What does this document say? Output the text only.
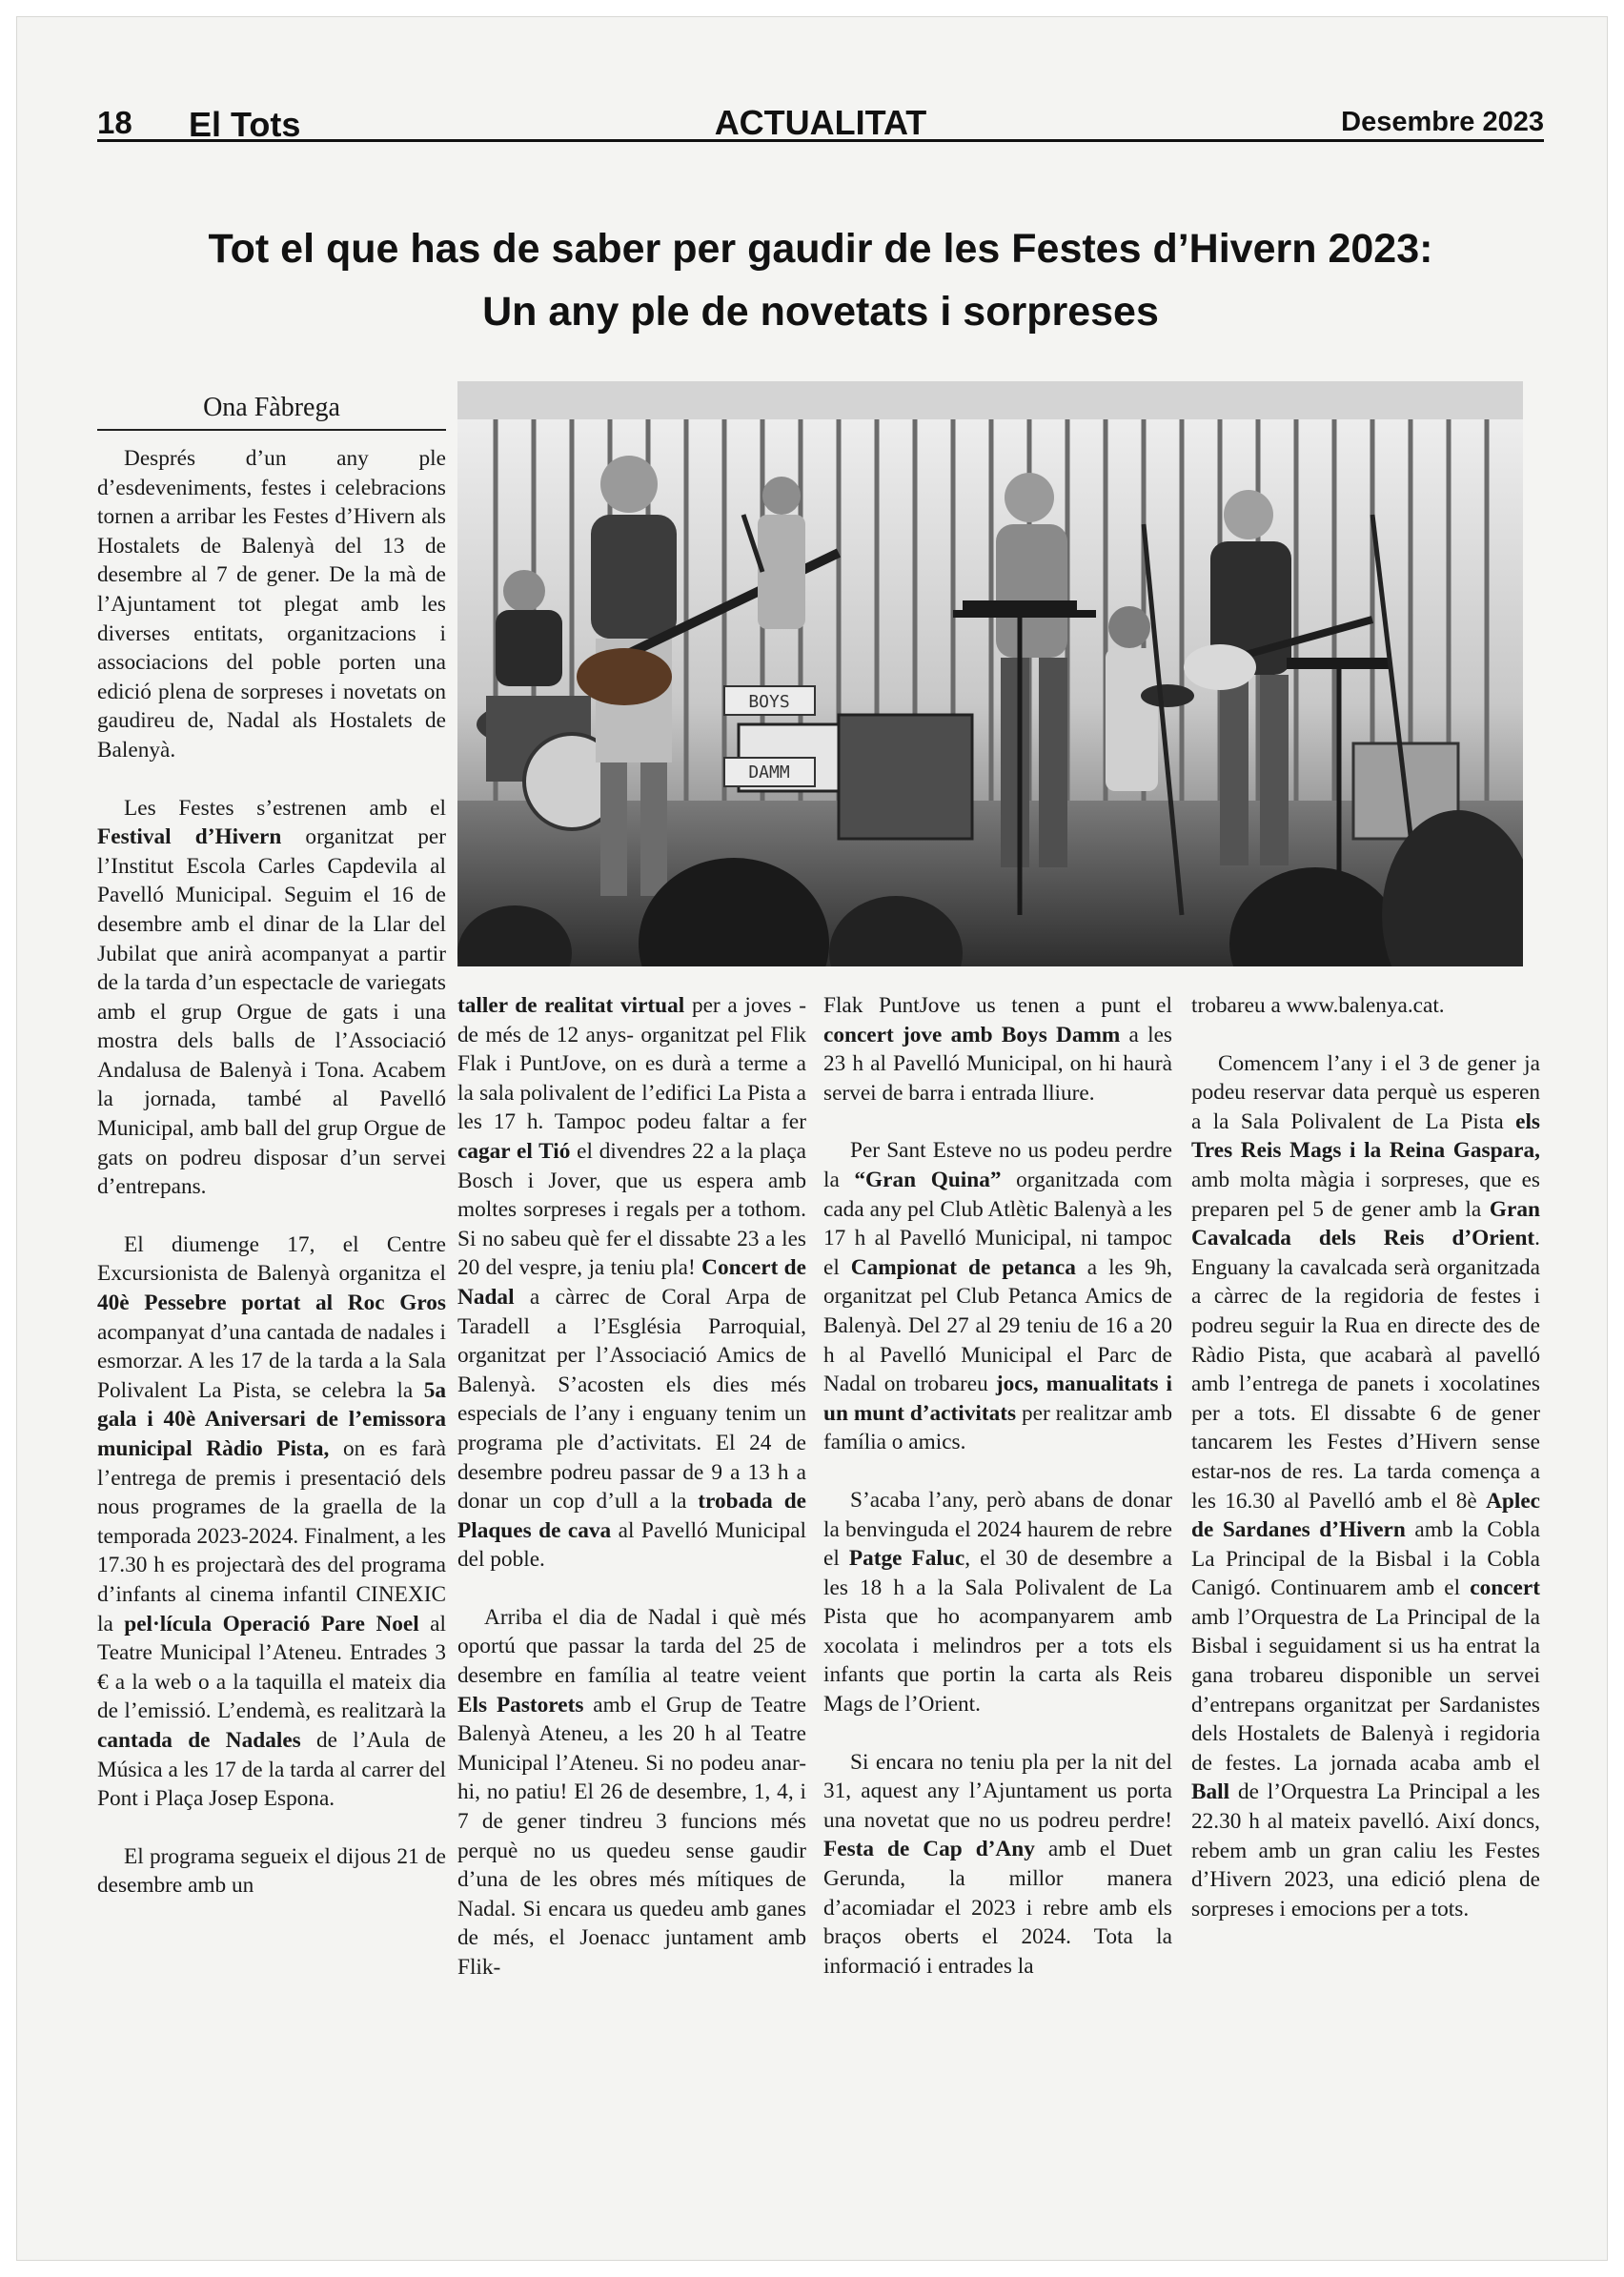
18 El Tots	ACTUALITAT	Desembre 2023
Tot el que has de saber per gaudir de les Festes d’Hivern 2023:
Un any ple de novetats i sorpreses
Ona Fàbrega
BOYS
DAMM

Després d’un any ple d’esdeveniments, festes i celebracions tornen a arribar les Festes d’Hivern als Hostalets de Balenyà del 13 de desembre al 7 de gener. De la mà de l’Ajuntament tot plegat amb les diverses entitats, organitzacions i associacions del poble porten una edició plena de sorpreses i novetats on gaudireu de, Nadal als Hostalets de Balenyà.

Les Festes s’estrenen amb el Festival d’Hivern organitzat per l’Institut Escola Carles Capdevila al Pavelló Municipal. Seguim el 16 de desembre amb el dinar de la Llar del Jubilat que anirà acompanyat a partir de la tarda d’un espectacle de variegats amb el grup Orgue de gats i una mostra dels balls de l’Associació Andalusa de Balenyà i Tona. Acabem la jornada, també al Pavelló Municipal, amb ball del grup Orgue de gats on podreu disposar d’un servei d’entrepans.

El diumenge 17, el Centre Excursionista de Balenyà organitza el 40è Pessebre portat al Roc Gros acompanyat d’una cantada de nadales i esmorzar. A les 17 de la tarda a la Sala Polivalent La Pista, se celebra la 5a gala i 40è Aniversari de l’emissora municipal Ràdio Pista, on es farà l’entrega de premis i presentació dels nous programes de la graella de la temporada 2023-2024. Finalment, a les 17.30 h es projectarà des del programa d’infants al cinema infantil CINEXIC la pel·lícula Operació Pare Noel al Teatre Municipal l’Ateneu. Entrades 3 € a la web o a la taquilla el mateix dia de l’emissió. L’endemà, es realitzarà la cantada de Nadales de l’Aula de Música a les 17 de la tarda al carrer del Pont i Plaça Josep Espona.

El programa segueix el dijous 21 de desembre amb un

taller de realitat virtual per a joves -de més de 12 anys- organitzat pel Flik Flak i PuntJove, on es durà a terme a la sala polivalent de l’edifici La Pista a les 17 h. Tampoc podeu faltar a fer cagar el Tió el divendres 22 a la plaça Bosch i Jover, que us espera amb moltes sorpreses i regals per a tothom. Si no sabeu què fer el dissabte 23 a les 20 del vespre, ja teniu pla! Concert de Nadal a càrrec de Coral Arpa de Taradell a l’Església Parroquial, organitzat per l’Associació Amics de Balenyà. S’acosten els dies més especials de l’any i enguany tenim un programa ple d’activitats. El 24 de desembre podreu passar de 9 a 13 h a donar un cop d’ull a la trobada de Plaques de cava al Pavelló Municipal del poble.

Arriba el dia de Nadal i què més oportú que passar la tarda del 25 de desembre en família al teatre veient Els Pastorets amb el Grup de Teatre Balenyà Ateneu, a les 20 h al Teatre Municipal l’Ateneu. Si no podeu anar-hi, no patiu! El 26 de desembre, 1, 4, i 7 de gener tindreu 3 funcions més perquè no us quedeu sense gaudir d’una de les obres més mítiques de Nadal. Si encara us quedeu amb ganes de més, el Joenacc juntament amb Flik-

Flak PuntJove us tenen a punt el concert jove amb Boys Damm a les 23 h al Pavelló Municipal, on hi haurà servei de barra i entrada lliure.

Per Sant Esteve no us podeu perdre la “Gran Quina” organitzada com cada any pel Club Atlètic Balenyà a les 17 h al Pavelló Municipal, ni tampoc el Campionat de petanca a les 9h, organitzat pel Club Petanca Amics de Balenyà. Del 27 al 29 teniu de 16 a 20 h al Pavelló Municipal el Parc de Nadal on trobareu jocs, manualitats i un munt d’activitats per realitzar amb família o amics.

S’acaba l’any, però abans de donar la benvinguda el 2024 haurem de rebre el Patge Faluc, el 30 de desembre a les 18 h a la Sala Polivalent de La Pista que ho acompanyarem amb xocolata i melindros per a tots els infants que portin la carta als Reis Mags de l’Orient.

Si encara no teniu pla per la nit del 31, aquest any l’Ajuntament us porta una novetat que no us podreu perdre! Festa de Cap d’Any amb el Duet Gerunda, la millor manera d’acomiadar el 2023 i rebre amb els braços oberts el 2024. Tota la informació i entrades la

trobareu a www.balenya.cat.

Comencem l’any i el 3 de gener ja podeu reservar data perquè us esperen a la Sala Polivalent de La Pista els Tres Reis Mags i la Reina Gaspara, amb molta màgia i sorpreses, que es preparen pel 5 de gener amb la Gran Cavalcada dels Reis d’Orient. Enguany la cavalcada serà organitzada a càrrec de la regidoria de festes i podreu seguir la Rua en directe des de Ràdio Pista, que acabarà al pavelló amb l’entrega de panets i xocolatines per a tots. El dissabte 6 de gener tancarem les Festes d’Hivern sense estar-nos de res. La tarda comença a les 16.30 al Pavelló amb el 8è Aplec de Sardanes d’Hivern amb la Cobla La Principal de la Bisbal i la Cobla Canigó. Continuarem amb el concert amb l’Orquestra de La Principal de la Bisbal i seguidament si us ha entrat la gana trobareu disponible un servei d’entrepans organitzat per Sardanistes dels Hostalets de Balenyà i regidoria de festes. La jornada acaba amb el Ball de l’Orquestra La Principal a les 22.30 h al mateix pavelló. Així doncs, rebem amb un gran caliu les Festes d’Hivern 2023, una edició plena de sorpreses i emocions per a tots.
